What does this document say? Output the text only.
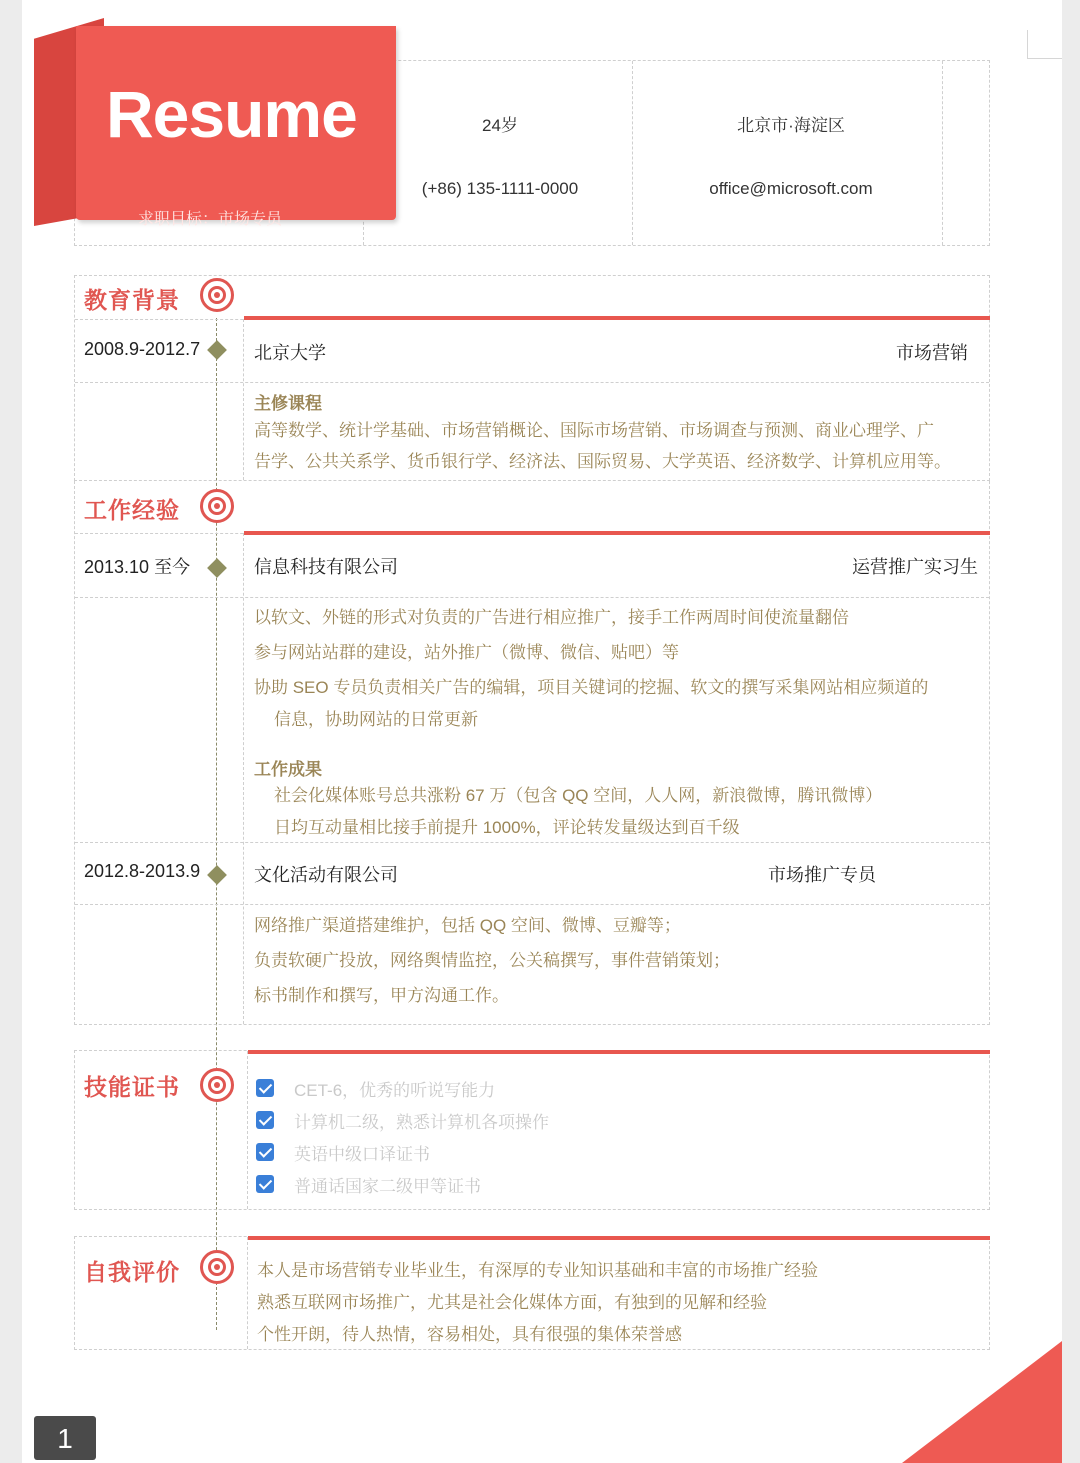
24岁
(+86) 135-1111-0000
北京市·海淀区
office@microsoft.com
Resume
求职目标：市场专员
教育背景
2008.9-2012.7	北京大学	市场营销
主修课程
高等数学、统计学基础、市场营销概论、国际市场营销、市场调查与预测、商业心理学、广
告学、公共关系学、货币银行学、经济法、国际贸易、大学英语、经济数学、计算机应用等。
工作经验
2013.10 至今	信息科技有限公司	运营推广实习生
以软文、外链的形式对负责的广告进行相应推广，接手工作两周时间使流量翻倍
参与网站站群的建设，站外推广（微博、微信、贴吧）等
协助 SEO 专员负责相关广告的编辑，项目关键词的挖掘、软文的撰写采集网站相应频道的
信息，协助网站的日常更新
工作成果
社会化媒体账号总共涨粉 67 万（包含 QQ 空间，人人网，新浪微博，腾讯微博）
日均互动量相比接手前提升 1000%，评论转发量级达到百千级
2012.8-2013.9	文化活动有限公司	市场推广专员
网络推广渠道搭建维护，包括 QQ 空间、微博、豆瓣等；
负责软硬广投放，网络舆情监控，公关稿撰写，事件营销策划；
标书制作和撰写，甲方沟通工作。
技能证书	CET-6，优秀的听说写能力
计算机二级，熟悉计算机各项操作
英语中级口译证书
普通话国家二级甲等证书
自我评价	本人是市场营销专业毕业生，有深厚的专业知识基础和丰富的市场推广经验
熟悉互联网市场推广，尤其是社会化媒体方面，有独到的见解和经验
个性开朗，待人热情，容易相处，具有很强的集体荣誉感
1
